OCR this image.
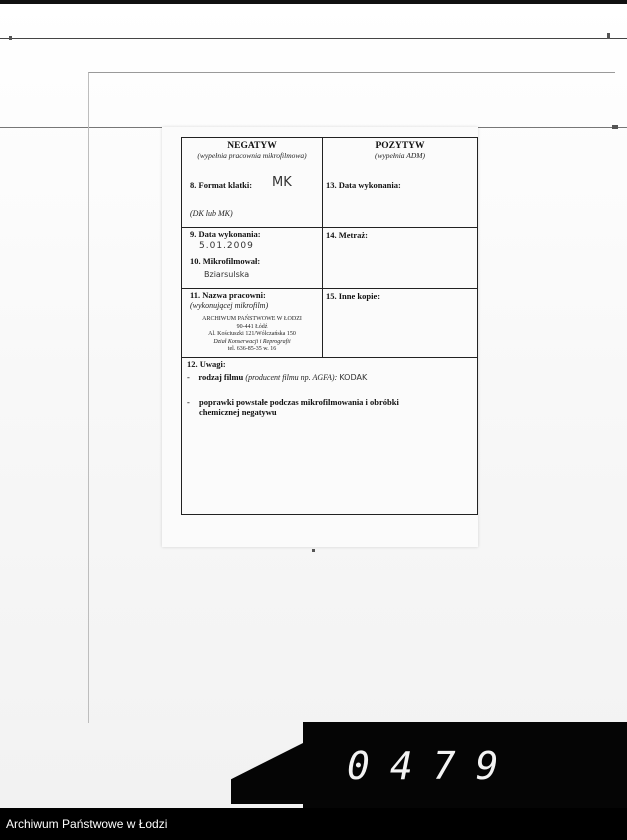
NEGATYW
(wypełnia pracownia mikrofilmowa)
POZYTYW
(wypełnia ADM)
8. Format klatki: MK
(DK lub MK)
13. Data wykonania:
9. Data wykonania:
5.01.2009
10. Mikrofilmował:
Bziarsulska
14. Metraż:
11. Nazwa pracowni:
(wykonującej mikrofilm)
ARCHIWUM PAŃSTWOWE W ŁODZI
90-441 Łódź
Al. Kościuszki 121/Wólczańska 150
Dział Konserwacji i Reprografii
tel. 636-85-35 w. 16
15. Inne kopie:
12. Uwagi:
- rodzaj filmu (producent filmu np. AGFA): KODAK
- poprawki powstałe podczas mikrofilmowania i obróbki chemicznej negatywu
0479
Archiwum Państwowe w Łodzi
